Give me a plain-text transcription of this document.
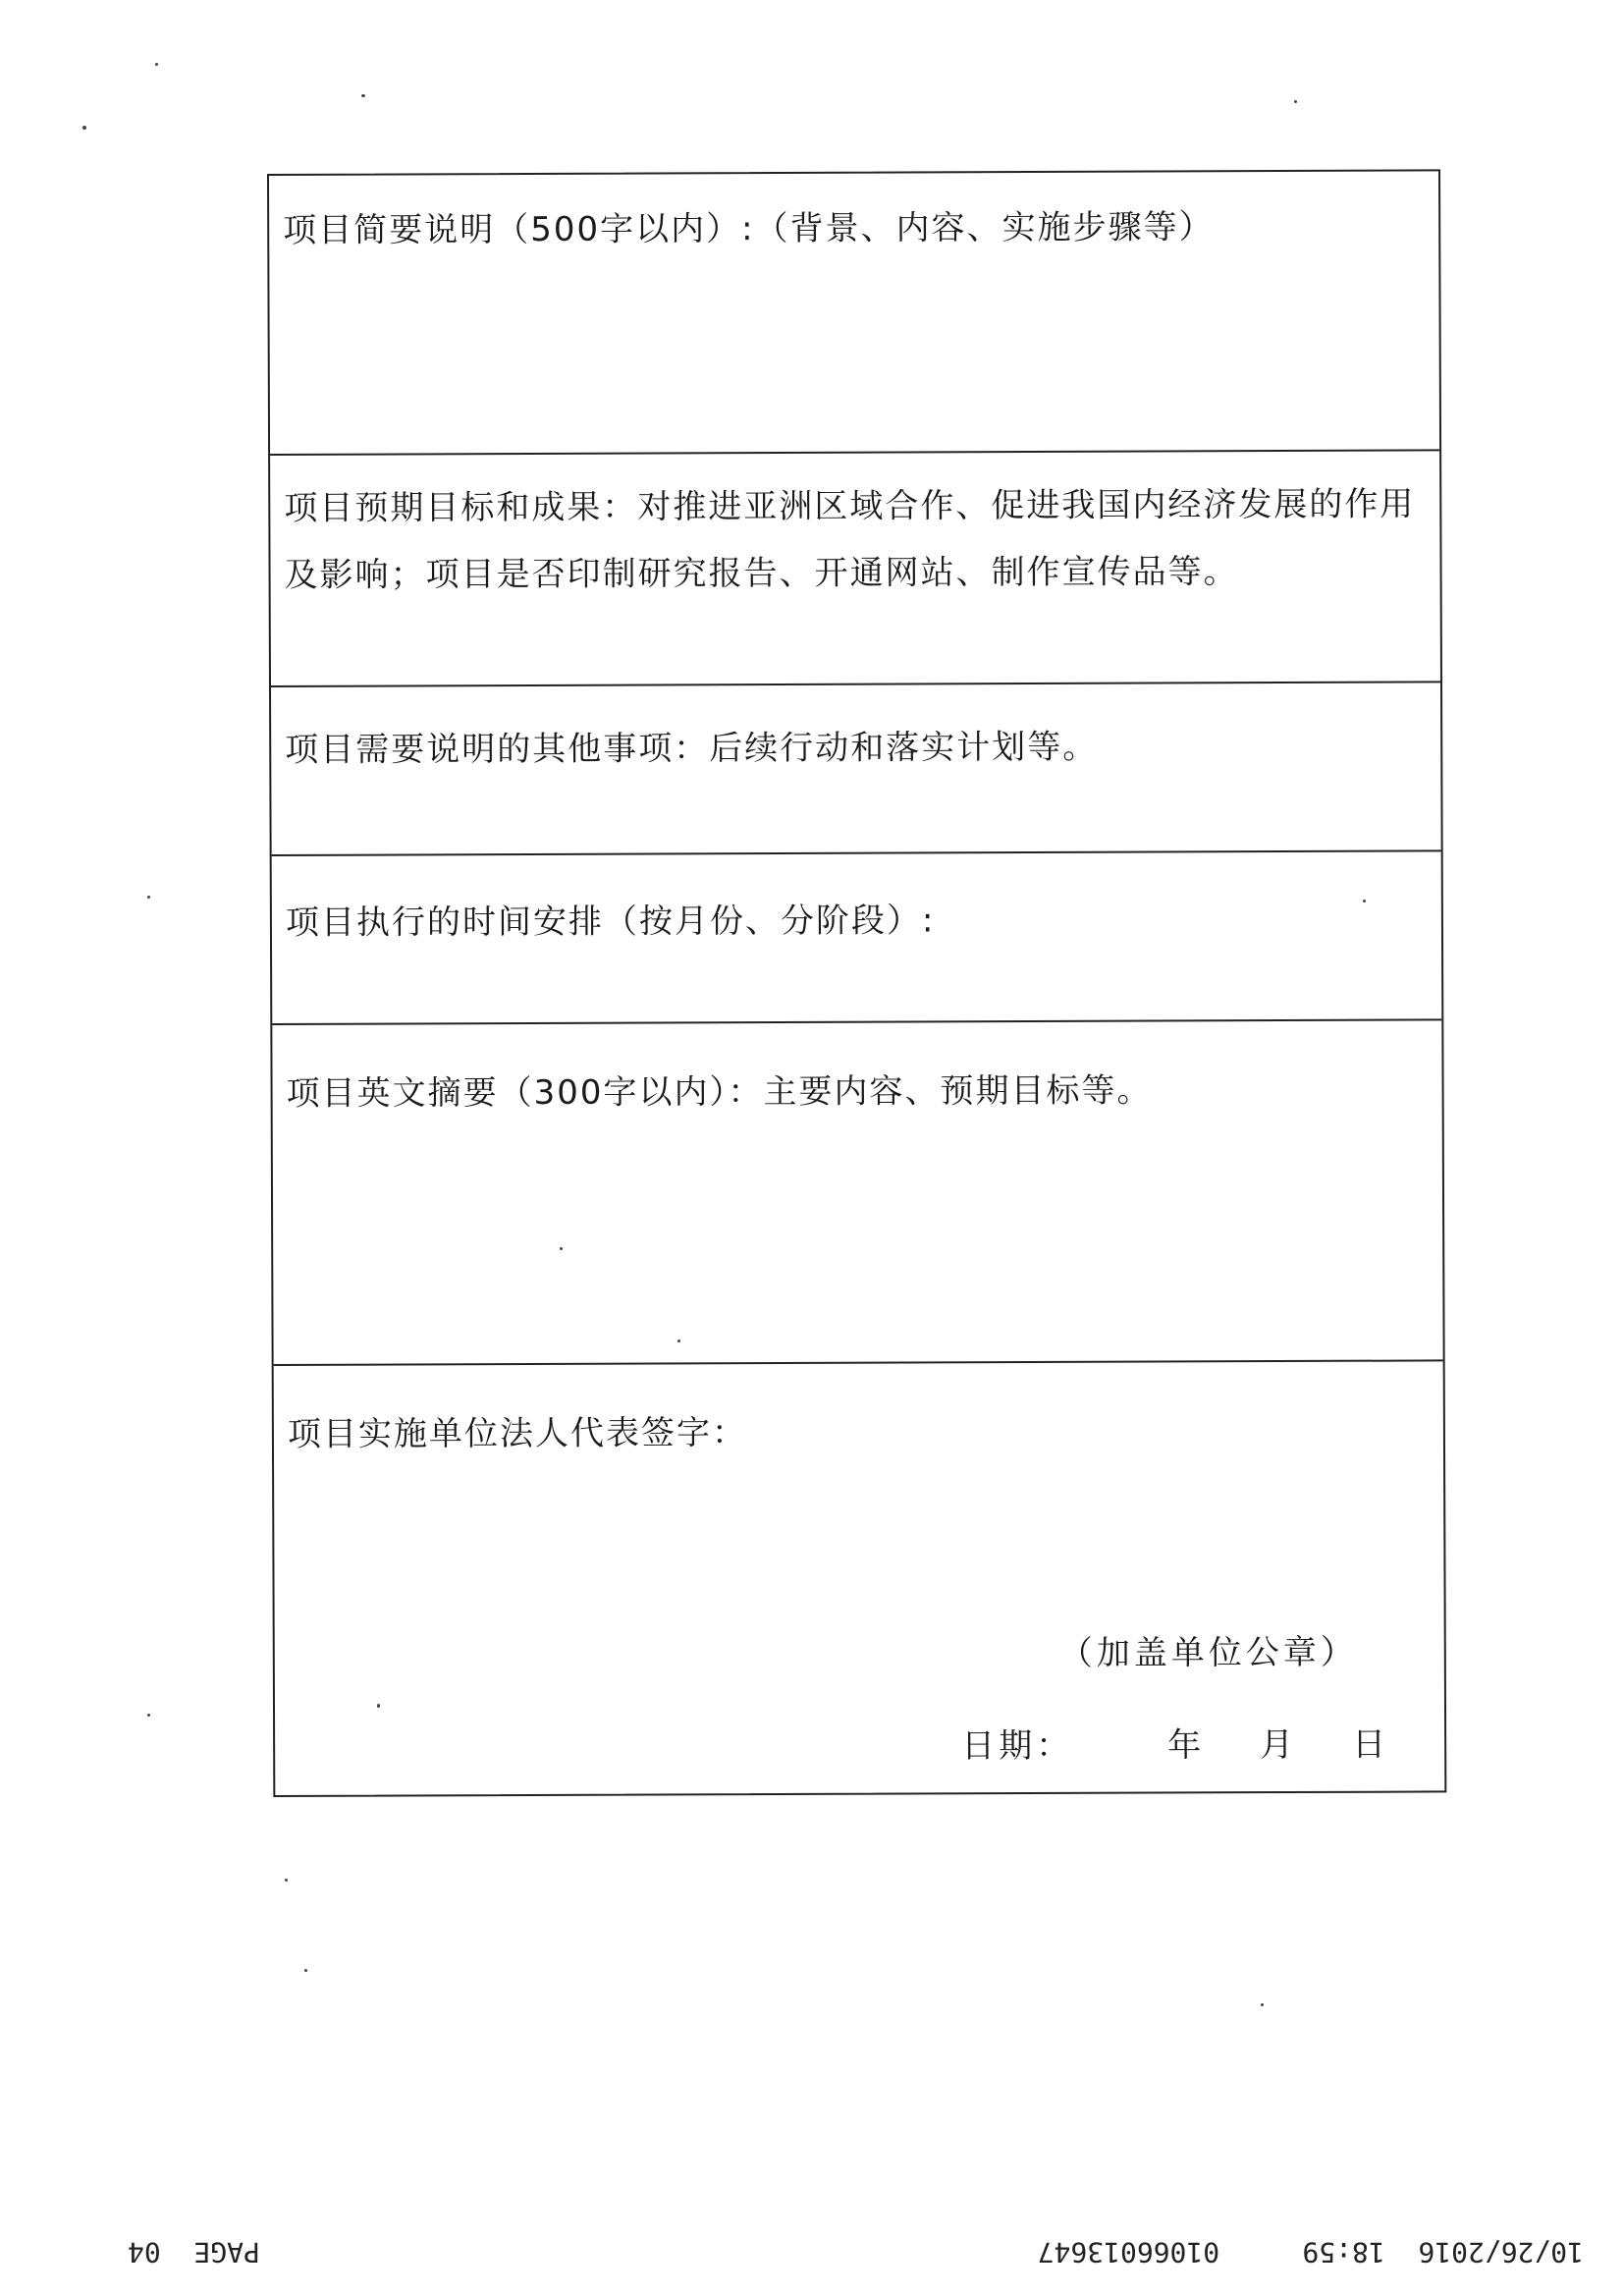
项目简要说明（500字以内）:（背景、内容、实施步骤等）
项目预期目标和成果：对推进亚洲区域合作、促进我国内经济发展的作用及影响；项目是否印制研究报告、开通网站、制作宣传品等。
项目需要说明的其他事项：后续行动和落实计划等。
项目执行的时间安排（按月份、分阶段）:
项目英文摘要（300字以内）：主要内容、预期目标等。
项目实施单位法人代表签字：
（加盖单位公章）
日期：	年 月 日
10/26/2016  18:59     01066013647
PAGE  04
